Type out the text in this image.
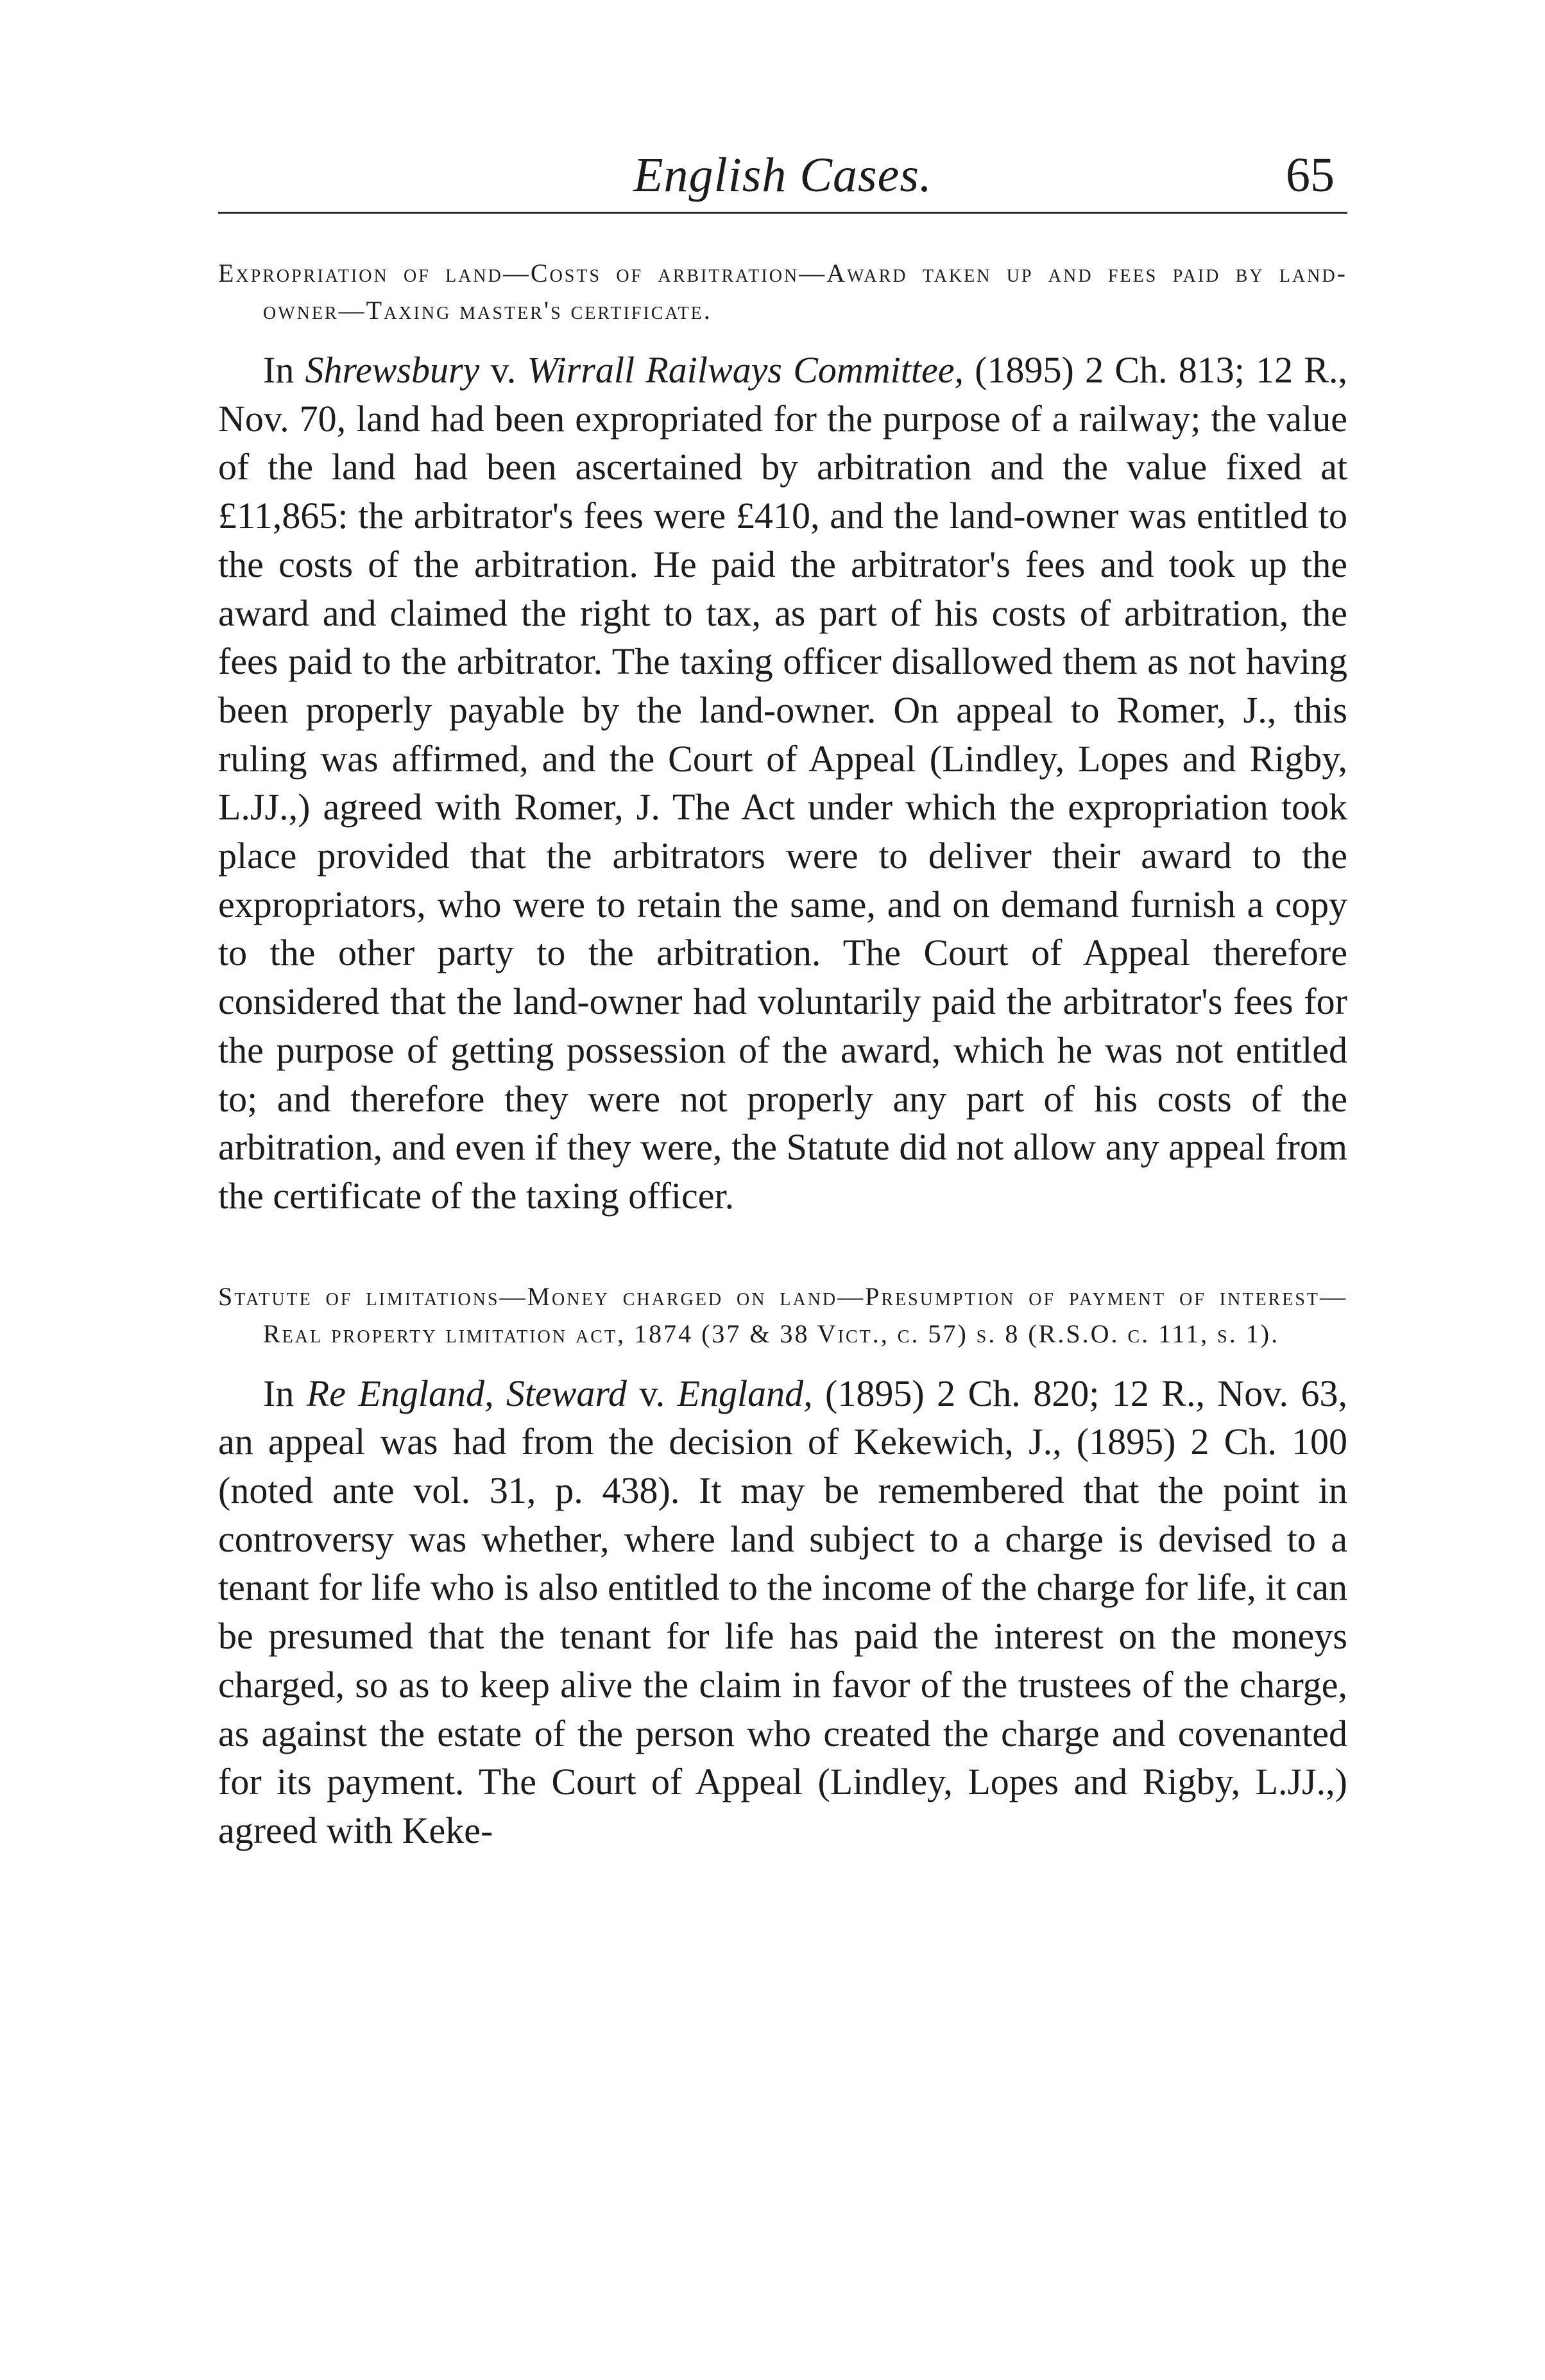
English Cases.	65

Expropriation of land—Costs of arbitration—Award taken up and fees paid by land-owner—Taxing master's certificate.

In Shrewsbury v. Wirrall Railways Committee, (1895) 2 Ch. 813; 12 R., Nov. 70, land had been expropriated for the purpose of a railway; the value of the land had been ascertained by arbitration and the value fixed at £11,865: the arbitrator's fees were £410, and the land-owner was entitled to the costs of the arbitration. He paid the arbitrator's fees and took up the award and claimed the right to tax, as part of his costs of arbitration, the fees paid to the arbitrator. The taxing officer disallowed them as not having been properly payable by the land-owner. On appeal to Romer, J., this ruling was affirmed, and the Court of Appeal (Lindley, Lopes and Rigby, L.JJ.,) agreed with Romer, J. The Act under which the expropriation took place provided that the arbitrators were to deliver their award to the expropriators, who were to retain the same, and on demand furnish a copy to the other party to the arbitration. The Court of Appeal therefore considered that the land-owner had voluntarily paid the arbitrator's fees for the purpose of getting possession of the award, which he was not entitled to; and therefore they were not properly any part of his costs of the arbitration, and even if they were, the Statute did not allow any appeal from the certificate of the taxing officer.

Statute of limitations—Money charged on land—Presumption of payment of interest—Real property limitation act, 1874 (37 & 38 Vict., c. 57) s. 8 (R.S.O. c. 111, s. 1).

In Re England, Steward v. England, (1895) 2 Ch. 820; 12 R., Nov. 63, an appeal was had from the decision of Kekewich, J., (1895) 2 Ch. 100 (noted ante vol. 31, p. 438). It may be remembered that the point in controversy was whether, where land subject to a charge is devised to a tenant for life who is also entitled to the income of the charge for life, it can be presumed that the tenant for life has paid the interest on the moneys charged, so as to keep alive the claim in favor of the trustees of the charge, as against the estate of the person who created the charge and covenanted for its payment. The Court of Appeal (Lindley, Lopes and Rigby, L.JJ.,) agreed with Keke-
